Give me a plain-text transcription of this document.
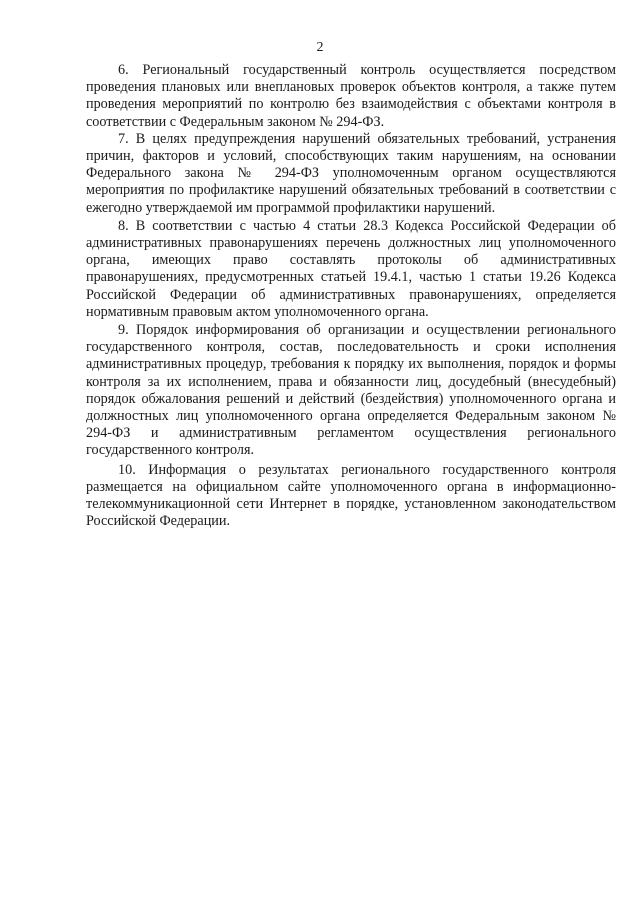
2

6. Региональный государственный контроль осуществляется посредством проведения плановых или внеплановых проверок объектов контроля, а также путем проведения мероприятий по контролю без взаимодействия с объектами контроля в соответствии с Федеральным законом № 294-ФЗ.

7. В целях предупреждения нарушений обязательных требований, устранения причин, факторов и условий, способствующих таким нарушениям, на основании Федерального закона № 294-ФЗ уполномоченным органом осуществляются мероприятия по профилактике нарушений обязательных требований в соответствии с ежегодно утверждаемой им программой профилактики нарушений.

8. В соответствии с частью 4 статьи 28.3 Кодекса Российской Федерации об административных правонарушениях перечень должностных лиц уполномоченного органа, имеющих право составлять протоколы об административных правонарушениях, предусмотренных статьей 19.4.1, частью 1 статьи 19.26 Кодекса Российской Федерации об административных правонарушениях, определяется нормативным правовым актом уполномоченного органа.

9. Порядок информирования об организации и осуществлении регионального государственного контроля, состав, последовательность и сроки исполнения административных процедур, требования к порядку их выполнения, порядок и формы контроля за их исполнением, права и обязанности лиц, досудебный (внесудебный) порядок обжалования решений и действий (бездействия) уполномоченного органа и должностных лиц уполномоченного органа определяется Федеральным законом № 294-ФЗ и административным регламентом осуществления регионального государственного контроля.

10. Информация о результатах регионального государственного контроля размещается на официальном сайте уполномоченного органа в информационно-телекоммуникационной сети Интернет в порядке, установленном законодательством Российской Федерации.
